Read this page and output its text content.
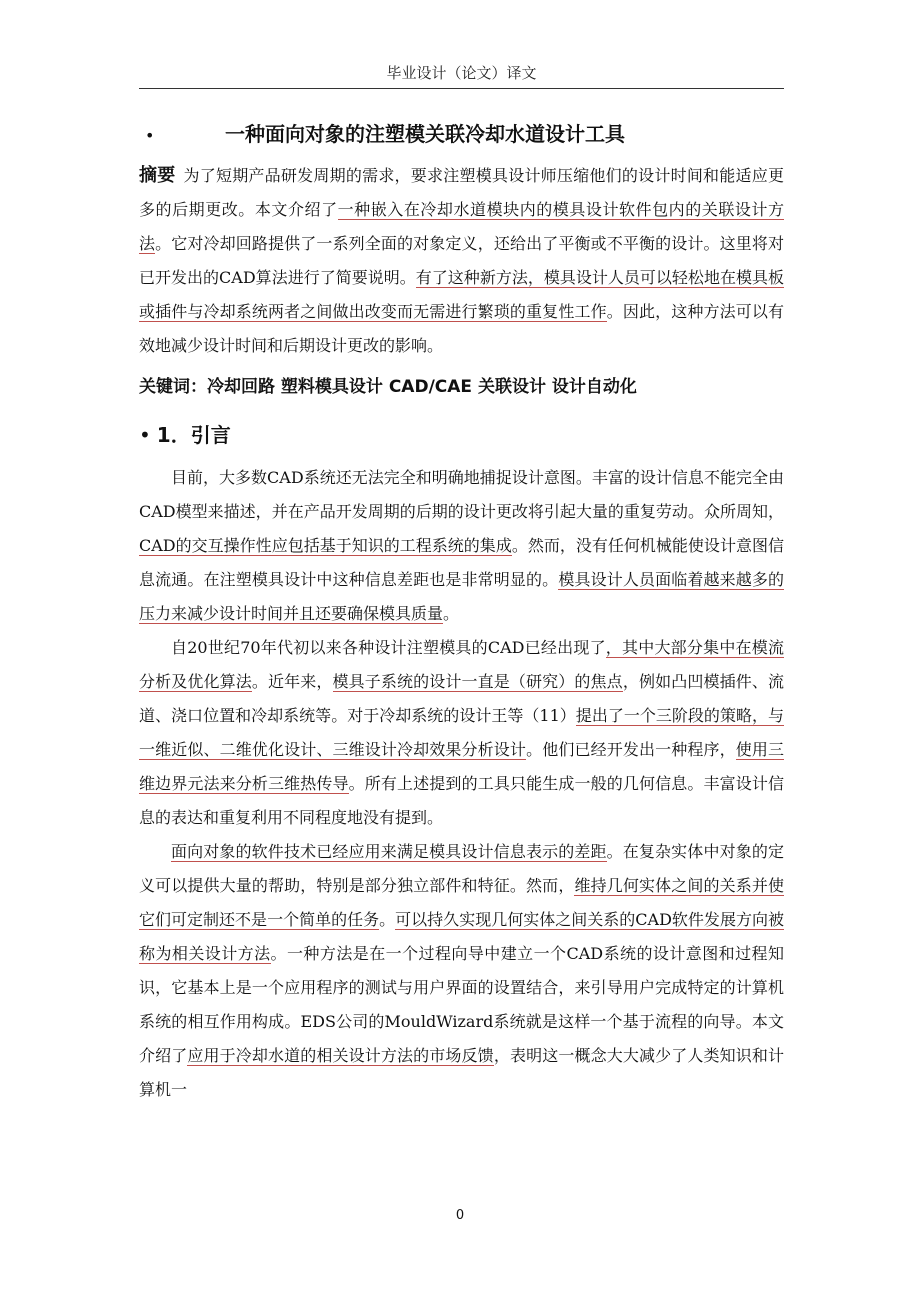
毕业设计（论文）译文
•	一种面向对象的注塑模关联冷却水道设计工具

摘要 为了短期产品研发周期的需求，要求注塑模具设计师压缩他们的设计时间和能适应更多的后期更改。本文介绍了一种嵌入在冷却水道模块内的模具设计软件包内的关联设计方法。它对冷却回路提供了一系列全面的对象定义，还给出了平衡或不平衡的设计。这里将对已开发出的CAD算法进行了简要说明。有了这种新方法，模具设计人员可以轻松地在模具板或插件与冷却系统两者之间做出改变而无需进行繁琐的重复性工作。因此，这种方法可以有效地减少设计时间和后期设计更改的影响。

关键词：冷却回路 塑料模具设计 CAD/CAE 关联设计 设计自动化
• 1．引言

目前，大多数CAD系统还无法完全和明确地捕捉设计意图。丰富的设计信息不能完全由CAD模型来描述，并在产品开发周期的后期的设计更改将引起大量的重复劳动。众所周知，CAD的交互操作性应包括基于知识的工程系统的集成。然而，没有任何机械能使设计意图信息流通。在注塑模具设计中这种信息差距也是非常明显的。模具设计人员面临着越来越多的压力来减少设计时间并且还要确保模具质量。

自20世纪70年代初以来各种设计注塑模具的CAD已经出现了，其中大部分集中在模流分析及优化算法。近年来，模具子系统的设计一直是（研究）的焦点，例如凸凹模插件、流道、浇口位置和冷却系统等。对于冷却系统的设计王等（11）提出了一个三阶段的策略，与一维近似、二维优化设计、三维设计冷却效果分析设计。他们已经开发出一种程序，使用三维边界元法来分析三维热传导。所有上述提到的工具只能生成一般的几何信息。丰富设计信息的表达和重复利用不同程度地没有提到。

面向对象的软件技术已经应用来满足模具设计信息表示的差距。在复杂实体中对象的定义可以提供大量的帮助，特别是部分独立部件和特征。然而，维持几何实体之间的关系并使它们可定制还不是一个简单的任务。可以持久实现几何实体之间关系的CAD软件发展方向被称为相关设计方法。一种方法是在一个过程向导中建立一个CAD系统的设计意图和过程知识，它基本上是一个应用程序的测试与用户界面的设置结合，来引导用户完成特定的计算机系统的相互作用构成。EDS公司的MouldWizard系统就是这样一个基于流程的向导。本文介绍了应用于冷却水道的相关设计方法的市场反馈，表明这一概念大大减少了人类知识和计算机一

0
